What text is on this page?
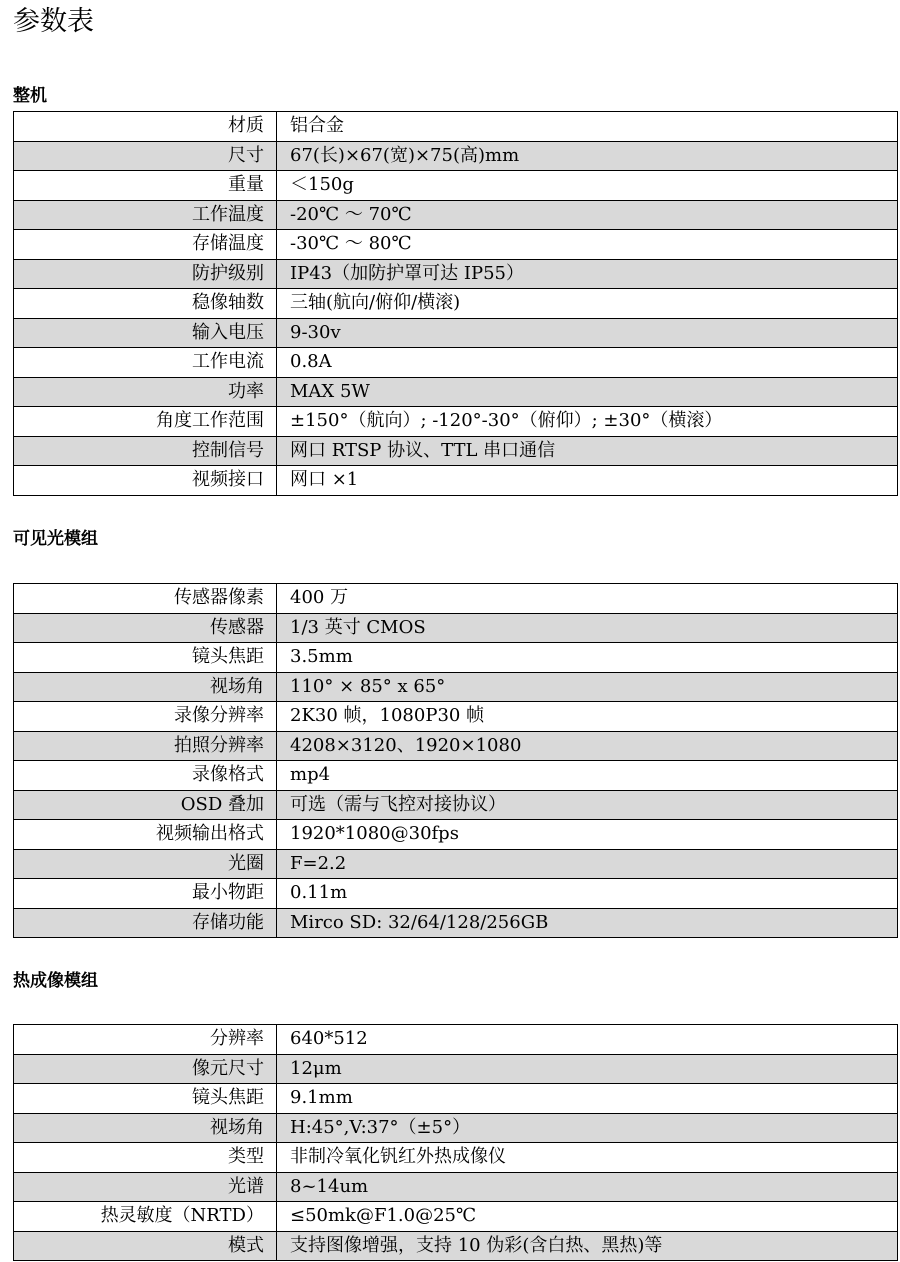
参数表
整机
材质	铝合金
尺寸	67(长)×67(宽)×75(高)mm
重量	＜150g
工作温度	-20℃ ～ 70℃
存储温度	-30℃ ～ 80℃
防护级别	IP43（加防护罩可达 IP55）
稳像轴数	三轴(航向/俯仰/横滚)
输入电压	9-30v
工作电流	0.8A
功率	MAX 5W
角度工作范围	±150°（航向）; -120°-30°（俯仰）; ±30°（横滚）
控制信号	网口 RTSP 协议、TTL 串口通信
视频接口	网口 ×1
可见光模组
传感器像素	400 万
传感器	1/3 英寸 CMOS
镜头焦距	3.5mm
视场角	110° × 85° x 65°
录像分辨率	2K30 帧，1080P30 帧
拍照分辨率	4208×3120、1920×1080
录像格式	mp4
OSD 叠加	可选（需与飞控对接协议）
视频输出格式	1920*1080@30fps
光圈	F=2.2
最小物距	0.11m
存储功能	Mirco SD: 32/64/128/256GB
热成像模组
分辨率	640*512
像元尺寸	12μm
镜头焦距	9.1mm
视场角	H:45°,V:37°（±5°）
类型	非制冷氧化钒红外热成像仪
光谱	8~14um
热灵敏度（NRTD）	≤50mk@F1.0@25℃
模式	支持图像增强，支持 10 伪彩(含白热、黑热)等
